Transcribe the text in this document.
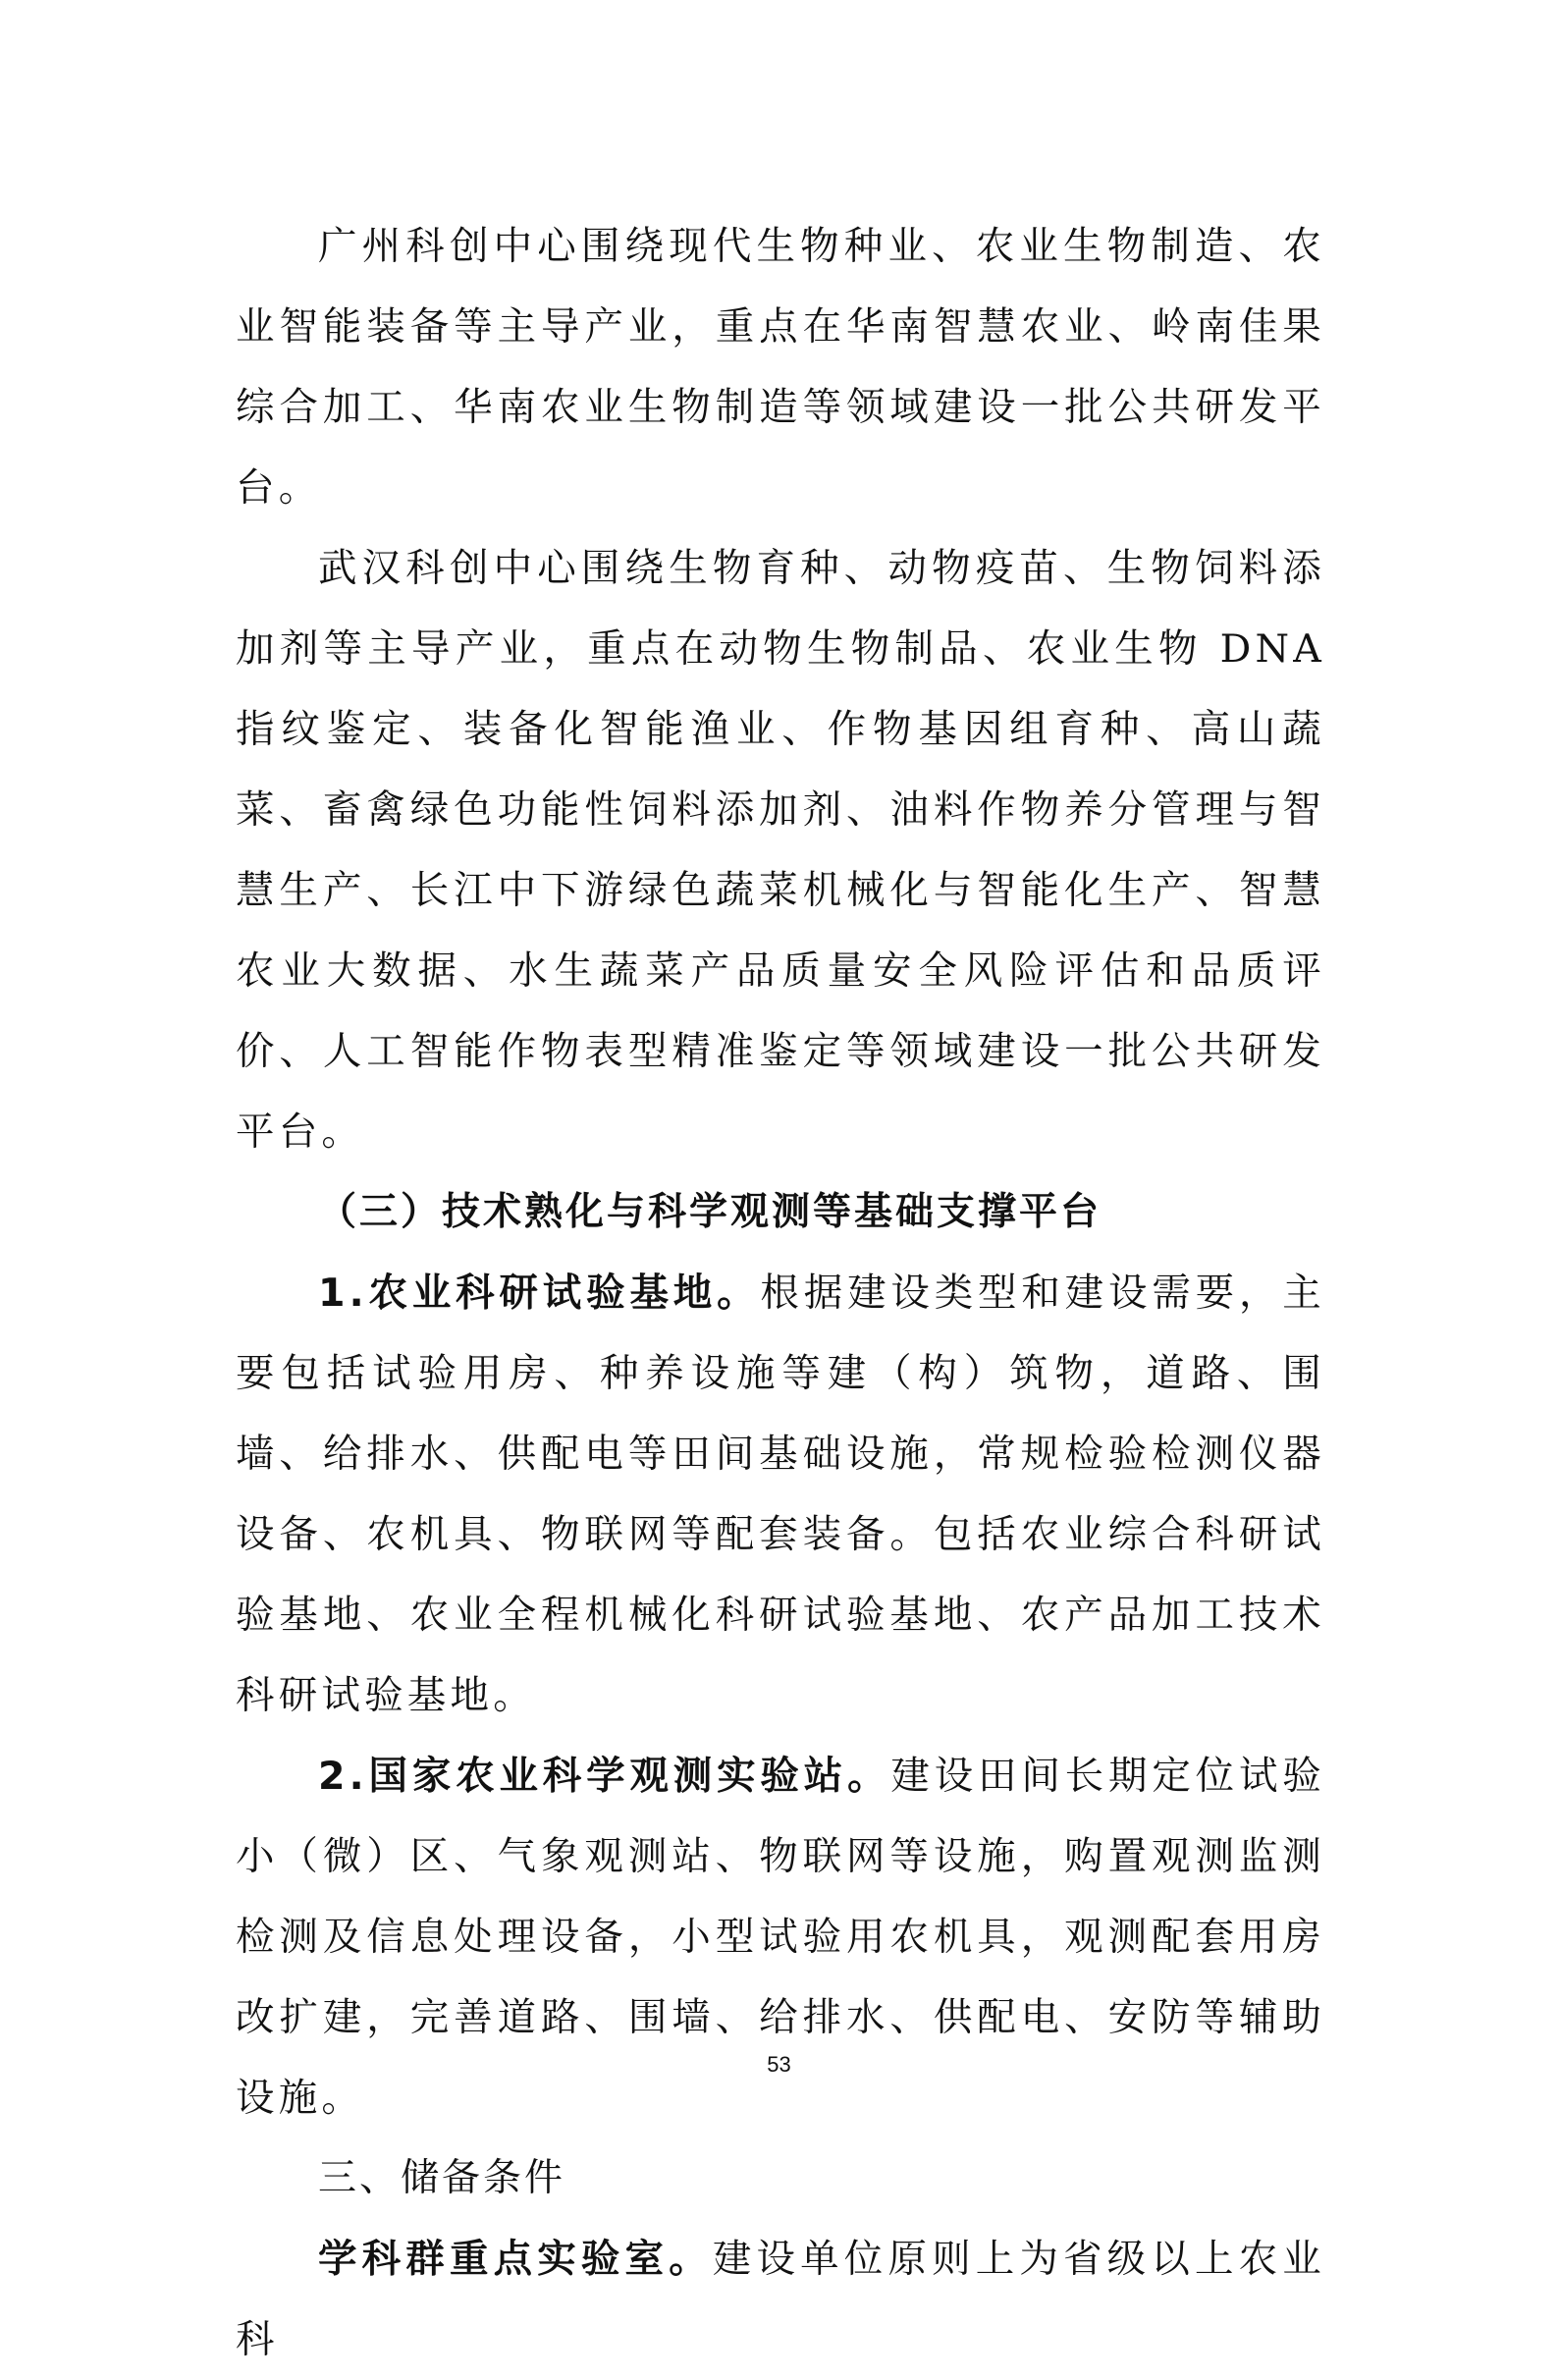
广州科创中心围绕现代生物种业、农业生物制造、农业智能装备等主导产业，重点在华南智慧农业、岭南佳果综合加工、华南农业生物制造等领域建设一批公共研发平台。

武汉科创中心围绕生物育种、动物疫苗、生物饲料添加剂等主导产业，重点在动物生物制品、农业生物 DNA 指纹鉴定、装备化智能渔业、作物基因组育种、高山蔬菜、畜禽绿色功能性饲料添加剂、油料作物养分管理与智慧生产、长江中下游绿色蔬菜机械化与智能化生产、智慧农业大数据、水生蔬菜产品质量安全风险评估和品质评价、人工智能作物表型精准鉴定等领域建设一批公共研发平台。

（三）技术熟化与科学观测等基础支撑平台

1.农业科研试验基地。根据建设类型和建设需要，主要包括试验用房、种养设施等建（构）筑物，道路、围墙、给排水、供配电等田间基础设施，常规检验检测仪器设备、农机具、物联网等配套装备。包括农业综合科研试验基地、农业全程机械化科研试验基地、农产品加工技术科研试验基地。

2.国家农业科学观测实验站。建设田间长期定位试验小（微）区、气象观测站、物联网等设施，购置观测监测检测及信息处理设备，小型试验用农机具，观测配套用房改扩建，完善道路、围墙、给排水、供配电、安防等辅助设施。

三、储备条件

学科群重点实验室。建设单位原则上为省级以上农业科

53
